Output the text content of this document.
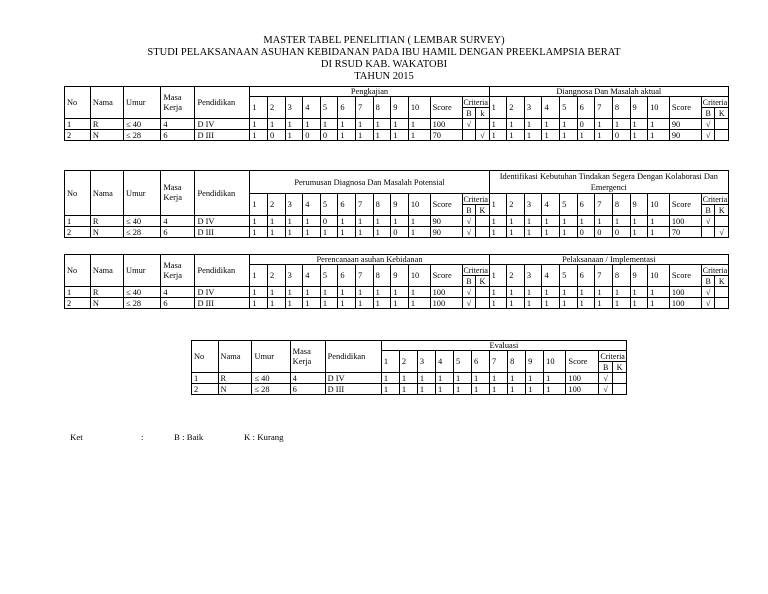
MASTER TABEL PENELITIAN ( LEMBAR SURVEY)
STUDI PELAKSANAAN ASUHAN KEBIDANAN PADA IBU HAMIL DENGAN PREEKLAMPSIA BERAT
DI RSUD KAB. WAKATOBI
TAHUN 2015
No	Nama	Umur	Masa Kerja	Pendidikan	Pengkajian													Diangnosa Dan Masalah aktual												
					1	2	3	4	5	6	7	8	9	10	Score	Criteria		1	2	3	4	5	6	7	8	9	10	Score	Criteria	
																B	k												B	K
1	R	≤ 40	4	D IV	1	1	1	1	1	1	1	1	1	1	100	√		1	1	1	1	1	0	1	1	1	1	90	√	
2	N	≤ 28	6	D III	1	0	1	0	0	1	1	1	1	1	70		√	1	1	1	1	1	1	1	0	1	1	90	√	
No	Nama	Umur	Masa Kerja	Pendidikan	Perumusan Diagnosa Dan Masalah Potensial													Identifikasi Kebutuhan Tindakan Segera Dengan Kolaborasi Dan Emergenci												
					1	2	3	4	5	6	7	8	9	10	Score	Criteria		1	2	3	4	5	6	7	8	9	10	Score	Criteria	
																B	K												B	K
1	R	≤ 40	4	D IV	1	1	1	1	0	1	1	1	1	1	90	√		1	1	1	1	1	1	1	1	1	1	100	√	
2	N	≤ 28	6	D III	1	1	1	1	1	1	1	1	0	1	90	√		1	1	1	1	1	0	0	0	1	1	70		√
No	Nama	Umur	Masa Kerja	Pendidikan	Perencanaan asuhan Kebidanan													Pelaksanaan / Implementasi												
					1	2	3	4	5	6	7	8	9	10	Score	Criteria		1	2	3	4	5	6	7	8	9	10	Score	Criteria	
																B	K												B	K
1	R	≤ 40	4	D IV	1	1	1	1	1	1	1	1	1	1	100	√		1	1	1	1	1	1	1	1	1	1	100	√	
2	N	≤ 28	6	D III	1	1	1	1	1	1	1	1	1	1	100	√		1	1	1	1	1	1	1	1	1	1	100	√	
No	Nama	Umur	Masa Kerja	Pendidikan	Evaluasi												
					1	2	3	4	5	6	7	8	9	10	Score	Criteria	
																B	K
1	R	≤ 40	4	D IV	1	1	1	1	1	1	1	1	1	1	100	√	
2	N	≤ 28	6	D III	1	1	1	1	1	1	1	1	1	1	100	√	
Ket	:	B : Baik	K : Kurang
